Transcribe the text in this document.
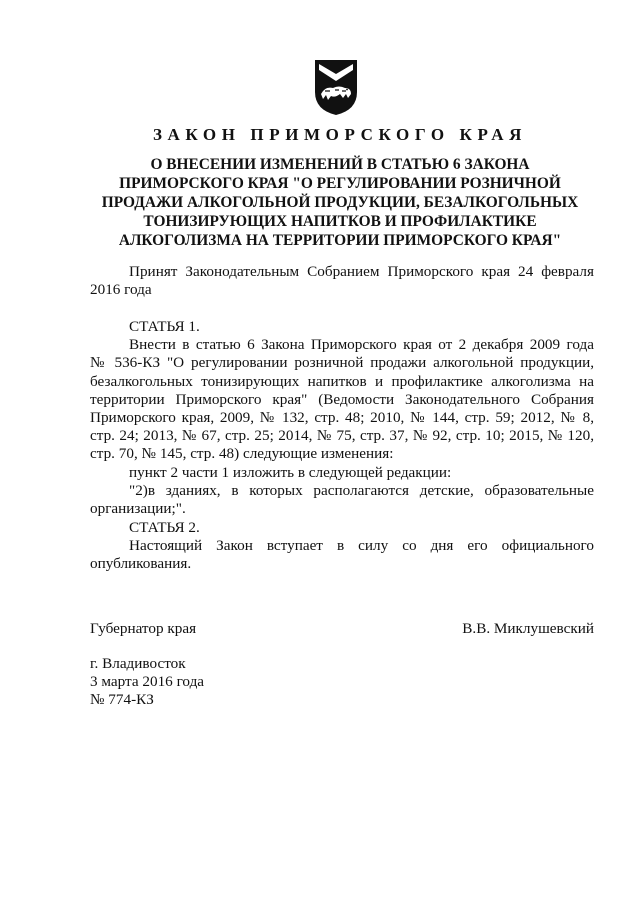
ЗАКОН ПРИМОРСКОГО КРАЯ
О ВНЕСЕНИИ ИЗМЕНЕНИЙ В СТАТЬЮ 6 ЗАКОНА
ПРИМОРСКОГО КРАЯ "О РЕГУЛИРОВАНИИ РОЗНИЧНОЙ
ПРОДАЖИ АЛКОГОЛЬНОЙ ПРОДУКЦИИ, БЕЗАЛКОГОЛЬНЫХ
ТОНИЗИРУЮЩИХ НАПИТКОВ И ПРОФИЛАКТИКЕ
АЛКОГОЛИЗМА НА ТЕРРИТОРИИ ПРИМОРСКОГО КРАЯ"
Принят Законодательным Собранием Приморского края 24 февраля
2016 года
СТАТЬЯ 1.
Внести в статью 6 Закона Приморского края от 2 декабря 2009 года
№ 536-КЗ "О регулировании розничной продажи алкогольной продукции,
безалкогольных тонизирующих напитков и профилактике алкоголизма на
территории Приморского края" (Ведомости Законодательного Собрания
Приморского края, 2009, № 132, стр. 48; 2010, № 144, стр. 59; 2012, № 8,
стр. 24; 2013, № 67, стр. 25; 2014, № 75, стр. 37, № 92, стр. 10; 2015, № 120,
стр. 70, № 145, стр. 48) следующие изменения:
пункт 2 части 1 изложить в следующей редакции:
"2)в зданиях, в которых располагаются детские, образовательные
организации;".
СТАТЬЯ 2.
Настоящий Закон вступает в силу со дня его официального
опубликования.
Губернатор края	В.В. Миклушевский
г. Владивосток
3 марта 2016 года
№ 774-КЗ
